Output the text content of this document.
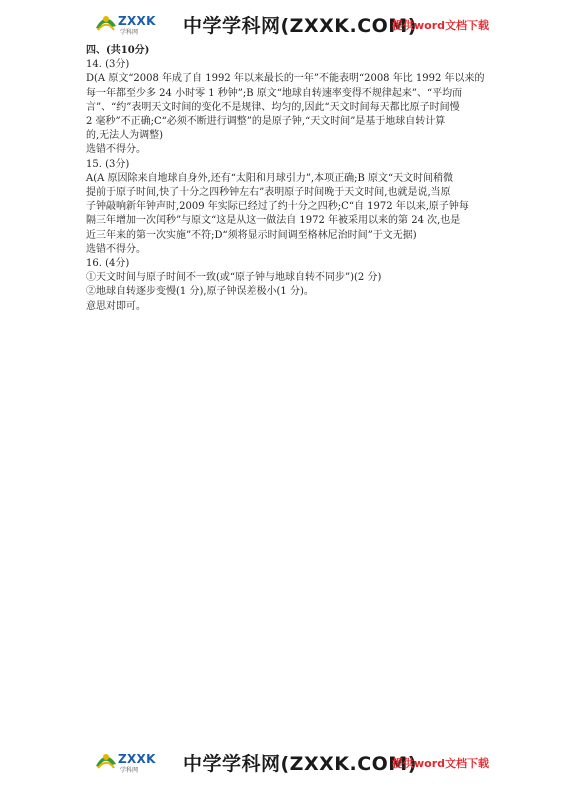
ZXXK
学科网 中学学科网(ZXXK.COM)
提供word文档下载

四、(共10分)

14. (3分)

D(A 原文“2008 年成了自 1992 年以来最长的一年”不能表明“2008 年比 1992 年以来的

每一年都至少多 24 小时零 1 秒钟”;B 原文“地球自转速率变得不规律起来”、“平均而

言”、“约”表明天文时间的变化不是规律、均匀的,因此“天文时间每天都比原子时间慢

2 毫秒”不正确;C“必须不断进行调整”的是原子钟,“天文时间”是基于地球自转计算

的,无法人为调整)

选错不得分。

15. (3分)

A(A 原因除来自地球自身外,还有“太阳和月球引力”,本项正确;B 原文“天文时间稍微

提前于原子时间,快了十分之四秒钟左右”表明原子时间晚于天文时间,也就是说,当原

子钟敲响新年钟声时,2009 年实际已经过了约十分之四秒;C“自 1972 年以来,原子钟每

隔三年增加一次闰秒”与原文“这是从这一做法自 1972 年被采用以来的第 24 次,也是

近三年来的第一次实施”不符;D“须将显示时间调至格林尼治时间”于文无据)

选错不得分。

16. (4分)

①天文时间与原子时间不一致(或“原子钟与地球自转不同步”)(2 分)

②地球自转逐步变慢(1 分),原子钟误差极小(1 分)。

意思对即可。

ZXXK
学科网 中学学科网(ZXXK.COM)
提供word文档下载
